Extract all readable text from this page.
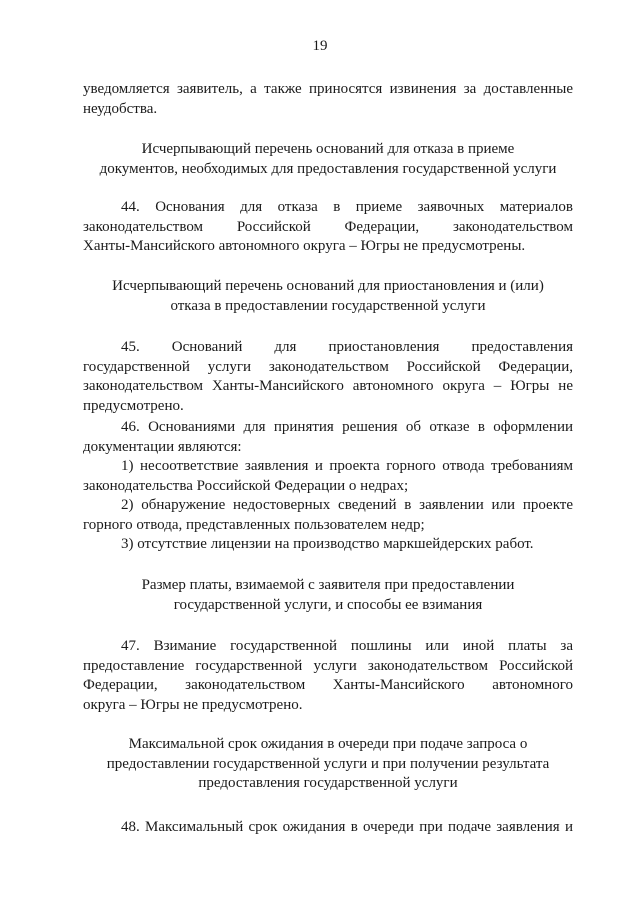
19
уведомляется заявитель, а также приносятся извинения за доставленные
неудобства.
Исчерпывающий перечень оснований для отказа в приеме
документов, необходимых для предоставления государственной услуги
44. Основания для отказа в приеме заявочных материалов
законодательством Российской Федерации, законодательством
Ханты-Мансийского автономного округа – Югры не предусмотрены.
Исчерпывающий перечень оснований для приостановления и (или)
отказа в предоставлении государственной услуги
45. Оснований для приостановления предоставления
государственной услуги законодательством Российской Федерации,
законодательством Ханты-Мансийского автономного округа – Югры не
предусмотрено.
46. Основаниями для принятия решения об отказе в оформлении
документации являются:
1) несоответствие заявления и проекта горного отвода требованиям
законодательства Российской Федерации о недрах;
2) обнаружение недостоверных сведений в заявлении или проекте
горного отвода, представленных пользователем недр;
3) отсутствие лицензии на производство маркшейдерских работ.
Размер платы, взимаемой с заявителя при предоставлении
государственной услуги, и способы ее взимания
47. Взимание государственной пошлины или иной платы за
предоставление государственной услуги законодательством Российской
Федерации, законодательством Ханты-Мансийского автономного
округа – Югры не предусмотрено.
Максимальной срок ожидания в очереди при подаче запроса о
предоставлении государственной услуги и при получении результата
предоставления государственной услуги
48. Максимальный срок ожидания в очереди при подаче заявления и
